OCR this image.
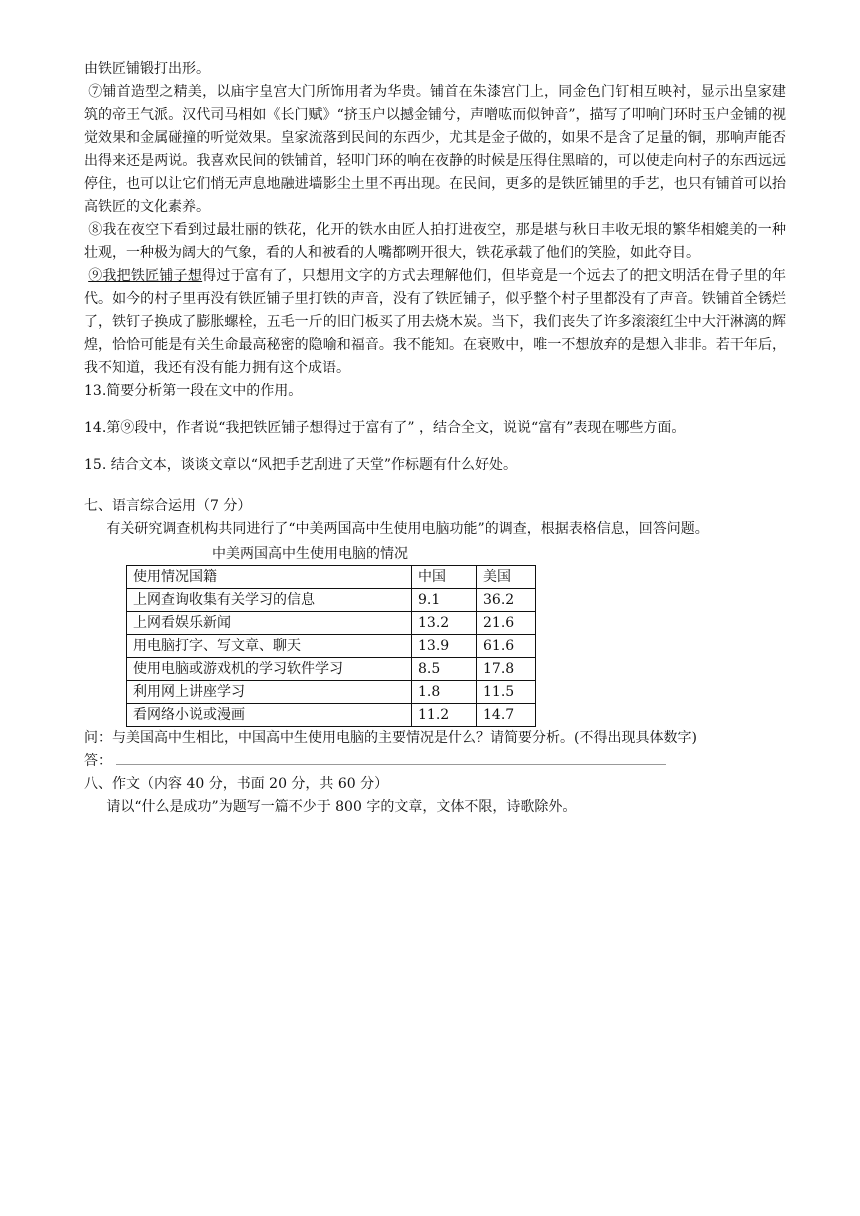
由铁匠铺锻打出形。

⑦铺首造型之精美，以庙宇皇宫大门所饰用者为华贵。铺首在朱漆宫门上，同金色门钉相互映衬，显示出皇家建筑的帝王气派。汉代司马相如《长门赋》“挤玉户以撼金铺兮，声噌吰而似钟音”，描写了叩响门环时玉户金铺的视觉效果和金属碰撞的听觉效果。皇家流落到民间的东西少，尤其是金子做的，如果不是含了足量的铜，那响声能否出得来还是两说。我喜欢民间的铁铺首，轻叩门环的响在夜静的时候是压得住黑暗的，可以使走向村子的东西远远停住，也可以让它们悄无声息地融进墙影尘土里不再出现。在民间，更多的是铁匠铺里的手艺，也只有铺首可以抬高铁匠的文化素养。

⑧我在夜空下看到过最壮丽的铁花，化开的铁水由匠人拍打进夜空，那是堪与秋日丰收无垠的繁华相媲美的一种壮观，一种极为阔大的气象，看的人和被看的人嘴都咧开很大，铁花承载了他们的笑脸，如此夺目。

⑨我把铁匠铺子想得过于富有了，只想用文字的方式去理解他们，但毕竟是一个远去了的把文明活在骨子里的年代。如今的村子里再没有铁匠铺子里打铁的声音，没有了铁匠铺子，似乎整个村子里都没有了声音。铁铺首全锈烂了，铁钉子换成了膨胀螺栓，五毛一斤的旧门板买了用去烧木炭。当下，我们丧失了许多滚滚红尘中大汗淋漓的辉煌，恰恰可能是有关生命最高秘密的隐喻和福音。我不能知。在衰败中，唯一不想放弃的是想入非非。若干年后，我不知道，我还有没有能力拥有这个成语。

13.简要分析第一段在文中的作用。
14.第⑨段中，作者说“我把铁匠铺子想得过于富有了” ，结合全文，说说“富有”表现在哪些方面。
15. 结合文本，谈谈文章以“风把手艺刮进了天堂”作标题有什么好处。
七、语言综合运用（7 分）

有关研究调查机构共同进行了“中美两国高中生使用电脑功能”的调查，根据表格信息，回答问题。

中美两国高中生使用电脑的情况
使用情况国籍	中国	美国
上网查询收集有关学习的信息	9.1	36.2
上网看娱乐新闻	13.2	21.6
用电脑打字、写文章、聊天	13.9	61.6
使用电脑或游戏机的学习软件学习	8.5	17.8
利用网上讲座学习	1.8	11.5
看网络小说或漫画	11.2	14.7
问：与美国高中生相比，中国高中生使用电脑的主要情况是什么？请简要分析。(不得出现具体数字)
答：
八、作文（内容 40 分，书面 20 分，共 60 分）

请以“什么是成功”为题写一篇不少于 800 字的文章，文体不限，诗歌除外。
